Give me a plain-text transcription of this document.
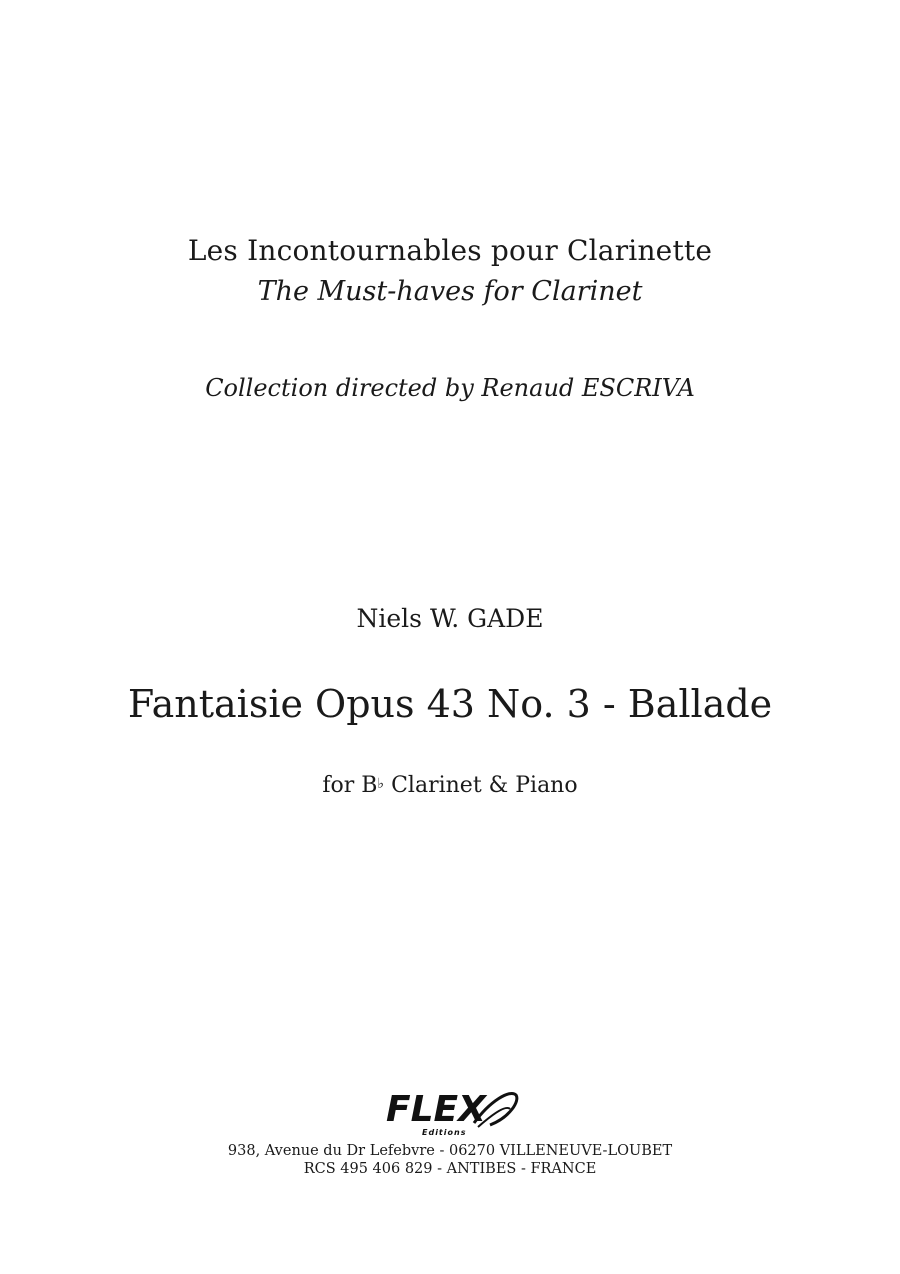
Les Incontournables pour Clarinette
The Must-haves for Clarinet
Collection directed by Renaud ESCRIVA
Niels W. GADE
Fantaisie Opus 43 No. 3 - Ballade
for B♭ Clarinet & Piano
FLEX
Editions
938, Avenue du Dr Lefebvre - 06270 VILLENEUVE-LOUBET
RCS 495 406 829 - ANTIBES - FRANCE
